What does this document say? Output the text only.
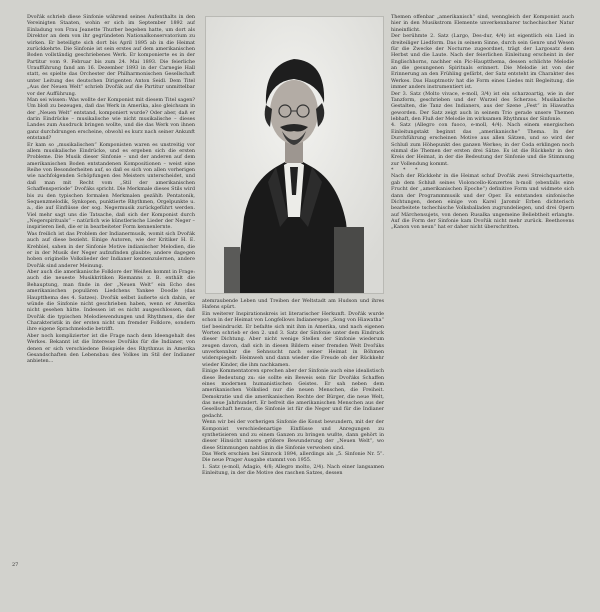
Dvořák schrieb diese Sinfonie während seines Aufenthalts in den Vereinigten Staaten, wohin er sich im September 1892 auf Einladung von Frau Jeanette Thurber begeben hatte, um dort als Direktor an dem von ihr gegründeten Nationalkonservatorium zu wirken. Er beteiligte sich dort bis April 1895 ab in die Heimat zurückkehrte. Die Sinfonie ist sein erstes auf dem amerikanischen Boden vollständig geschriebenes Werk. Er komponierte es in der Partitur vom 9. Februar bis zum 24. Mai 1893. Die feierliche Uraufführung fand am 16. Dezember 1893 in der Carnegie Hall statt, es spielte das Orchester der Philharmonischen Gesellschaft unter Leitung des deutschen Dirigenten Anton Seidl. Dem Titel „Aus der Neuen Welt“ schrieb Dvořák auf die Partitur unmittelbar vor der Aufführung.

Man sei wissen: Was wollte der Komponist mit diesem Titel sagen? Um bloß zu bezeugen, daß das Werk in Amerika, also gleichsam in der „Neuen Welt“ entstand, komponiert wurde? Oder aber, daß er darin Eindrücke – musikalische wie nicht musikalische – dieses Landes zum Ausdruck bringen wollte, und die das Werk von ihnen ganz durchdrungen erscheine, obwohl es kurz nach seiner Ankunft entstand?

Er kam so „musikalischen“ Komponisten waren es unstreitig vor allem musikalische Eindrücke, und es ergeben sich die ersten Probleme. Die Musik dieser Sinfonie – und der anderen auf dem amerikanischen Boden entstandenen Kompositionen – weist eine Reihe von Besonderheiten auf, so daß es sich von allen vorherigen wie nachfolgenden Schöpfungen des Meisters unterscheidet, und daß man mit Recht vom „Stil der amerikanischen Schaffensperiode“ Dvořáks spricht. Die Merkmale dieses Stils wird bis zu den typischen formalen Merkmalen gezählt: Pentatonik, Sequenzmelodik, Synkopen, punktierte Rhythmen, Orgelpunkte u. a., die auf Einflüsse der sog. Negermusik zurückgeführt werden. Viel mehr sagt uns die Tatsache, daß sich der Komponist durch „Negerspirituals“ – natürlich wie künstlerische Lieder der Neger – inspirieren ließ, die er in bearbeiteter Form kennenlernte.

Was freilich ist das Problem der Indianermusik, womit sich Dvořák auch auf diese bezieht. Einige Autoren, wie der Kritiker H. E. Krehbiel, sahen in der Sinfonie Motive indianischer Melodien, die er in der Musik der Neger aufzufinden glaubte; andere dagegen hoben originelle Volkslieder der Indianer kennenzulernen, andere Dvořák sind anderer Meinung.

Aber auch die amerikanische Folklore der Weißen kommt in Frage: auch die neueste Musikkritiken Riemanns z. B. enthält die Behauptung, man finde in der „Neuen Welt“ ein Echo des amerikanischen populären Liedchens Yankee Doodle (das Hauptthema des 4. Satzes). Dvořák selbst äußerte sich dahin, er wünde die Sinfonie nicht geschrieben haben, wenn er Amerika nicht gesehen hätte. Indessen ist es nicht ausgeschlossen, daß Dvořák die typischen Melodiewendungen und Rhythmen, die der Charakteristik in der ersten nicht um fremder Folklore, sondern ihre eigene Sprachmelodie betrifft.

Aber noch komplizierter ist die Frage nach dem Ideengehalt des Werkes. Bekannt ist die Interesse Dvořáks für die Indianer, von denen er sich verschiedene Beispiele des Rhythmus in Amerika Gesandschaften den Lebensbau des Volkes im Stil der Indianer anbieten...

atemraubende Leben und Treiben der Weltstadt am Hudson und ihres Hafens spürt.

Ein weiterer Inspirationskreis ist literarischer Herkunft. Dvořák wurde schon in der Heimat von Longfellows Indianerepos „Song von Hiawatha“ tief beeindruckt. Er befaßte sich mit ihm in Amerika, und nach eigenen Worten schrieb er den 2. und 3. Satz der Sinfonie unter dem Eindruck dieser Dichtung. Aber nicht wenige Stellen der Sinfonie wiederum zeugen davon, daß sich in diesen Bildern einer fremden Welt Dvořáks unverkennbar die Sehnsucht nach seiner Heimat in Böhmen widerspiegelt: Heimweh und dann wieder die Freude ob der Rückkehr wieder Kinder, die ihm nachkamen.

Einige Kommentatoren sprechen aber der Sinfonie auch eine idealistisch diese Bedeutung zu: sie sollte ein Beweis sein für Dvořáks Schaffen eines modernen humanistischen Geistes. Er sah neben dem amerikanischen Volkslied nur die neuen Menschen, die Freiheit. Demokratie und die amerikanischen Rechte der Bürger, die neue Welt, das neue Jahrhundert. Er befreit die amerikanischen Menschen aus der Gesellschaft heraus, die Sinfonie ist für die Neger und für die Indianer gedacht.

Wenn wir bei der vorherigen Sinfonie die Konst bewundern, mit der der Komponist verschiedenartige Einflüsse und Anregungen zu synthetisieren und zu einem Ganzen zu bringen wußte, dann gehört in dieser Hinsicht unsere größere Bewunderung der „Neuen Welt“, wo diese Stimmungen nahtlos in die Sinfonie verwoben sind.

Das Werk erschien bei Simrock 1894, allerdings als „5. Sinfonie Nr. 5“. Die neue Prager Ausgabe stammt von 1955.

1. Satz (e-moll, Adagio, 4/8; Allegro molto, 2/4). Nach einer langsamen Einleitung, in der die Motive des raschen Satzes, dessen

Themen offenbar „amerikanisch“ sind, wenngleich der Komponist auch hier in den Musikstrom Elemente unverkennbarer tschechischer Natur hineinflicht.

Der berühmte 2. Satz (Largo, Des-dur, 4/4) ist eigentlich ein Lied in dreiteiliger Liedform. Das in seinem Sinne, durch sein Genre und Wesen für die Zwecke der Nocturne zugeordnet, trägt der Largosatz dem Herbst und die Laute. Nach der feierlichen Einleitung erscheint in der Englischhorns, nachher ein Pic-Hauptthema, dessen schlichte Melodie an die gesungenen Spirituals erinnert. Die Melodie ist von der Erinnerung an den Frühling gefärbt, der Satz entsteht im Charakter des Werkes. Das Hauptmotiv hat die Form eines Liedes mit Begleitung, die immer anders instrumentiert ist.

Der 3. Satz (Molto vivace, e-moll, 3/4) ist ein scharzoartig, wie in der Tanzform, geschrieben und der Wurzel des Scherzos. Musikalische Gestalten, die Tanz des Indianers, aus der Szene „Fest“ in Hiawatha geworden. Der Satz zeigt auch in seinem Trio gerade unsere Themen lebhaft, den Fluß der Melodie im wirksamen Rhythmus der Sinfonie.

4. Satz (Allegro con fuoco, e-moll, 4/4). Nach einem energischen Einleitungstakt beginnt das „amerikanische“ Thema. In der Durchführung erscheinen Motive aus allen Sätzen, und so wird der Schluß zum Höhepunkt des ganzen Werkes; in der Coda erklingen noch einmal die Themen der ersten drei Sätze. Es ist die Rückkehr in den Kreis der Heimat, in der die Bedeutung der Sinfonie und die Stimmung zur Vollendung kommt.

* * *

Nach der Rückkehr in die Heimat schuf Dvořák zwei Streichquartette, gab dem Schluß seines Violoncello-Konzertes h-moll (ebenfalls eine Frucht der „amerikanischen Epoche“) definitive Form und widmete sich dann der Programmmusik und der Oper. Es entstanden sinfonische Dichtungen, denen einige von Karel Jaromír Erben dichterisch bearbeitete tschechische Volksballaden zugrundeliegen, und drei Opern auf Märchensujets, von denen Rusalka ungemeine Beliebtheit erlangte. Auf die Form der Sinfonie kam Dvořák nicht mehr zurück. Beethovens „Kanon von neun“ hat er daher nicht überschritten.

27
